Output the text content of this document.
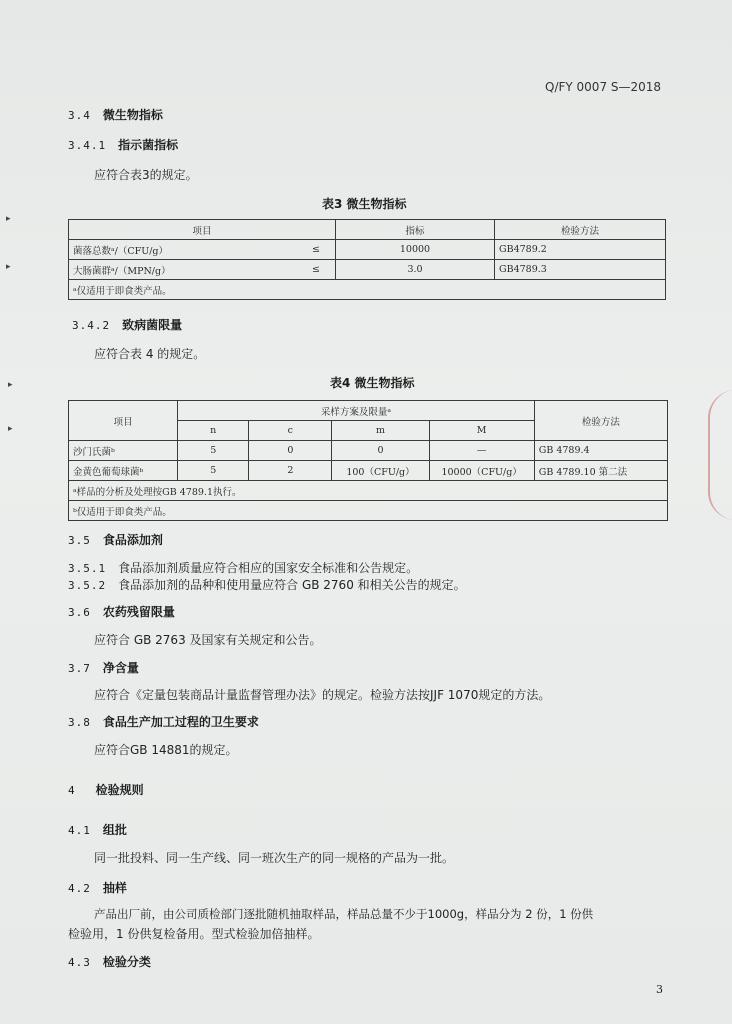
Q/FY 0007 S—2018
3.4 微生物指标
3.4.1 指示菌指标
应符合表3的规定。
表3 微生物指标
项目		指标	检验方法
菌落总数ᵃ/（CFU/g）	≤	10000	GB4789.2
大肠菌群ᵃ/（MPN/g）	≤	3.0	GB4789.3
ᵃ仅适用于即食类产品。			
3.4.2 致病菌限量
应符合表 4 的规定。
表4 微生物指标
项目	采样方案及限量ᵃ				检验方法
	n	c	m	M	
沙门氏菌ᵇ	5	0	0	—	GB 4789.4
金黄色葡萄球菌ᵇ	5	2	100（CFU/g）	10000（CFU/g）	GB 4789.10 第二法
ᵃ样品的分析及处理按GB 4789.1执行。					
ᵇ仅适用于即食类产品。					
3.5 食品添加剂
3.5.1 食品添加剂质量应符合相应的国家安全标准和公告规定。
3.5.2 食品添加剂的品种和使用量应符合 GB 2760 和相关公告的规定。
3.6 农药残留限量
应符合 GB 2763 及国家有关规定和公告。
3.7 净含量
应符合《定量包装商品计量监督管理办法》的规定。检验方法按JJF 1070规定的方法。
3.8 食品生产加工过程的卫生要求
应符合GB 14881的规定。
4 检验规则
4.1 组批
同一批投料、同一生产线、同一班次生产的同一规格的产品为一批。
4.2 抽样
产品出厂前，由公司质检部门逐批随机抽取样品，样品总量不少于1000g，样品分为 2 份，1 份供
检验用，1 份供复检备用。型式检验加倍抽样。
4.3 检验分类
3
▸
▸
▸
▸
